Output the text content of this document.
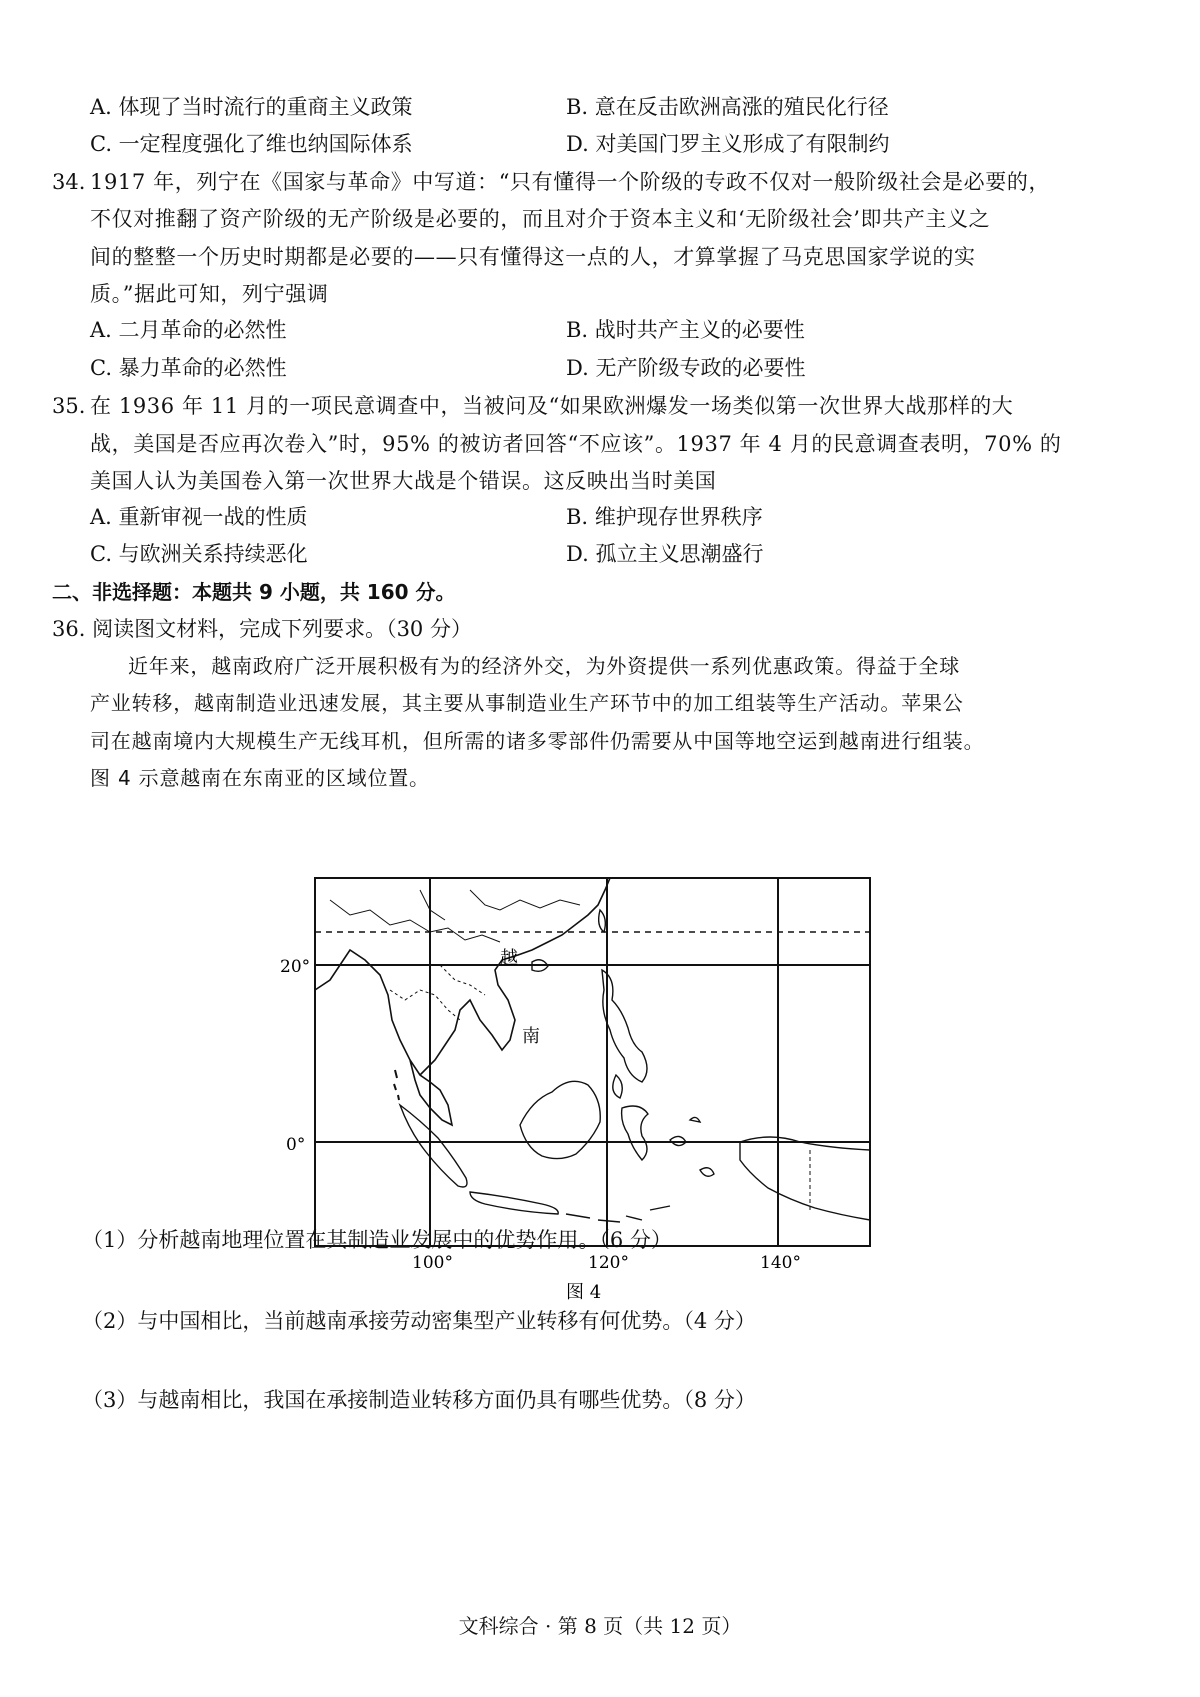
A. 体现了当时流行的重商主义政策	B. 意在反击欧洲高涨的殖民化行径
C. 一定程度强化了维也纳国际体系	D. 对美国门罗主义形成了有限制约
34. 1917 年，列宁在《国家与革命》中写道：“只有懂得一个阶级的专政不仅对一般阶级社会是必要的，
不仅对推翻了资产阶级的无产阶级是必要的，而且对介于资本主义和‘无阶级社会’即共产主义之
间的整整一个历史时期都是必要的——只有懂得这一点的人，才算掌握了马克思国家学说的实
质。”据此可知，列宁强调
A. 二月革命的必然性	B. 战时共产主义的必要性
C. 暴力革命的必然性	D. 无产阶级专政的必要性
35. 在 1936 年 11 月的一项民意调查中，当被问及“如果欧洲爆发一场类似第一次世界大战那样的大
战，美国是否应再次卷入”时，95% 的被访者回答“不应该”。1937 年 4 月的民意调查表明，70% 的
美国人认为美国卷入第一次世界大战是个错误。这反映出当时美国
A. 重新审视一战的性质	B. 维护现存世界秩序
C. 与欧洲关系持续恶化	D. 孤立主义思潮盛行
二、非选择题：本题共 9 小题，共 160 分。
36. 阅读图文材料，完成下列要求。（30 分）
近年来，越南政府广泛开展积极有为的经济外交，为外资提供一系列优惠政策。得益于全球
产业转移，越南制造业迅速发展，其主要从事制造业生产环节中的加工组装等生产活动。苹果公
司在越南境内大规模生产无线耳机，但所需的诸多零部件仍需要从中国等地空运到越南进行组装。
图 4 示意越南在东南亚的区域位置。
越
南
20°
0°
100°	120°	140°
图 4
（1）分析越南地理位置在其制造业发展中的优势作用。（6 分）
（2）与中国相比，当前越南承接劳动密集型产业转移有何优势。（4 分）
（3）与越南相比，我国在承接制造业转移方面仍具有哪些优势。（8 分）
文科综合 · 第 8 页（共 12 页）
